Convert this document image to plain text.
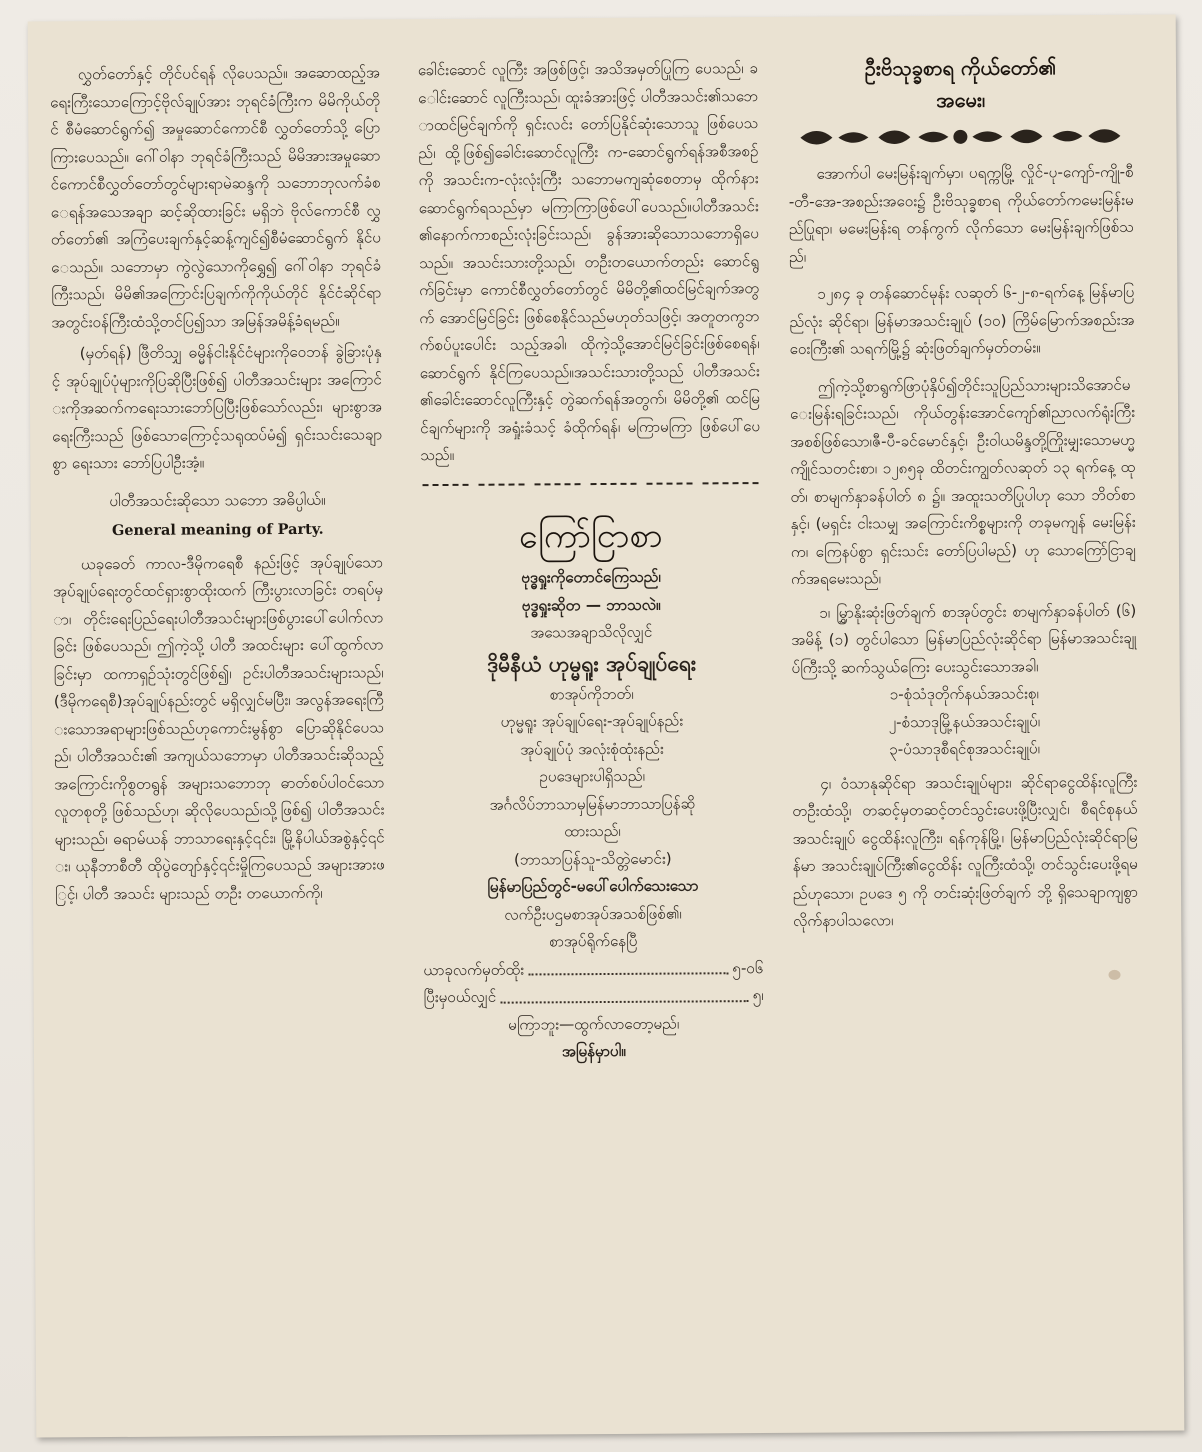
လွှတ်တော်နှင့် တိုင်ပင်ရန် လိုပေသည်။ အဆောထည့်အရေးကြီးသောကြောင့်ဗိုလ်ချုပ်အား ဘုရင်ခံကြီးက မိမိကိုယ်တိုင် စီမံဆောင်ရွက်၍ အမှုဆောင်ကောင်စီ လွှတ်တော်သို့ ပြောကြားပေသည်။ ဂေါ်ဝါနာ ဘုရင်ခံကြီးသည် မိမိအားအမှုဆောင်ကောင်စီလွှတ်တော်တွင်များရာမဲဆန္ဒကို သဘောဘုလက်ခံစေရန်အသေအချာ ဆင့်ဆိုထားခြင်း မရှိဘဲ ဗိုလ်ကောင်စီ လွှတ်တော်၏ အကြံပေးချက်နှင့်ဆန့်ကျင်၍စီမံဆောင်ရွက် နိုင်ပေသည်။ သဘောမှာ ကွဲလွဲသောကိုရွှေ၍ ဂေါ်ဝါနာ ဘုရင်ခံကြီးသည်၊ မိမိ၏အကြောင်းပြချက်ကိုကိုယ်တိုင် နိုင်ငံဆိုင်ရာ အတွင်းဝန်ကြီးထံသို့တင်ပြ၍သာ အမြန်အမိန့်ခံရမည်။

(မှတ်ရန်) ဖြီတိသျှ ဓမ္မိန်ငါးနိုင်ငံများကိုဝေဘန် ခွဲခြားပုံနှင့် အုပ်ချုပ်ပုံများကိုပြဆိုပြီးဖြစ်၍ ပါတီအသင်းများ အကြောင်းကိုအဆက်ကရေးသားဘော်ပြပြီးဖြစ်သော်လည်း၊ များစွာအရေးကြီးသည် ဖြစ်သောကြောင့်သရုထပ်မံ၍ ရှင်းသင်းသေချာစွာ ရေးသား ဘော်ပြပါဦးအံ့။

ပါတီအသင်းဆိုသော သဘော အဓိပ္ပါယ်။

General meaning of Party.

ယခုခေတ် ကာလ-ဒီမိုကရေစီ နည်းဖြင့် အုပ်ချုပ်သော အုပ်ချုပ်ရေးတွင်ထင်ရှားစွာထိုးထက် ကြီးပွားလာခြင်း တရပ်မှာ၊ တိုင်းရေးပြည်ရေးပါတီအသင်းများဖြစ်ပွားပေါ်ပေါက်လာခြင်း ဖြစ်ပေသည်၊ ဤကဲ့သို့ ပါတီ အထင်းများ ပေါ်ထွက်လာ ခြင်းမှာ ထကာရှဥ်သုံးတွင်ဖြစ်၍၊ ဥင်းပါတီအသင်းများသည်၊ (ဒီမိုကရေစီ)အုပ်ချုပ်နည်းတွင် မရှိလျှင်မပြီး၊ အလွန်အရေးကြီးသောအရာများဖြစ်သည်ဟုကောင်းမွန်စွာ ပြောဆိုနိုင်ပေသည်၊ ပါတီအသင်း၏ အကျယ်သဘောမှာ ပါတီအသင်းဆိုသည့်အကြောင်းကိုစွတရွန် အများသဘောဘု ဓာတ်စပ်ပါဝင်သောလူတစုတို့ ဖြစ်သည်ဟု၊ ဆိုလိုပေသည်၊သို့ဖြစ်၍ ပါတီအသင်း များသည်၊ ဓရာမ်ယန် ဘာသာရေးနှင့်၎င်း၊ မြို့နိပါယ်အစွဲနှင့်၎င်း၊ ယုနီဘာစီတီ ထိုပွဲတျော်နှင့်၎င်းမှိုကြပေသည် အများအားဖြင့်၊ ပါတီ အသင်း များသည် တဦး တယောက်ကို၊

ခေါင်းဆောင် လူကြီး အဖြစ်ဖြင့်၊ အသိအမှတ်ပြုကြ ပေသည်၊ ခေါင်းဆောင် လူကြီးသည်၊ ထူးခံအားဖြင့် ပါတီအသင်း၏သဘောထင်မြင်ချက်ကို ရှင်းလင်း တော်ပြနိုင်ဆုံးသောသူ ဖြစ်ပေသည်၊ ထို့ဖြစ်၍ခေါင်းဆောင်လူကြီး က-ဆောင်ရွက်ရန်အစီအစဉ်ကို အသင်းက-လုံးလုံးကြီး သဘောမကျဆုံစေတာမှ ထိုက်နားဆောင်ရွက်ရသည်မှာ မကြာကြာဖြစ်ပေါ်ပေသည်။ပါတီအသင်း၏နောက်ကာစည်းလုံးခြင်းသည်၊ ခွန်အားဆိုသောသဘောရှိပေသည်။ အသင်းသားတို့သည်၊ တဦးတယောက်တည်း ဆောင်ရွက်ခြင်းမှာ ကောင်စီလွှတ်တော်တွင် မိမိတို့၏ထင်မြင်ချက်အတွက် အောင်မြင်ခြင်း ဖြစ်စေနိုင်သည်မဟုတ်သဖြင့်၊ အတူတကွဘက်စပ်ပူးပေါင်း သည့်အခါ၊ ထိုကဲ့သို့အောင်မြင်ခြင်းဖြစ်စေရန်၊ ဆောင်ရွက် နိုင်ကြပေသည်။အသင်းသားတို့သည် ပါတီအသင်း၏ခေါင်းဆောင်လူကြီးနှင့် တွဲဆက်ရန်အတွက်၊ မိမိတို့၏ ထင်မြင်ချက်များကို အရှုံးခံသင့် ခံထိုက်ရန်၊ မကြာမကြာ ဖြစ်ပေါ်ပေသည်။

ကြော်ငြာစာ

ဗုဒ္ဓရှုးကိုတောင်ကြေသည်၊

ဗုဒ္ဓရှုးဆိုတ — ဘာသလဲ။

အသေအချာသိလိုလျှင်

ဒိုမီနီယံ ဟုမ္မရူး အုပ်ချုပ်ရေး

စာအုပ်ကိုဘတ်၊

ဟုမ္မရူး အုပ်ချုပ်ရေး-အုပ်ချုပ်နည်း

အုပ်ချုပ်ပုံ အလုံးစုံထုံးနည်း

ဥပဒေများပါရှိသည်၊

အင်္ဂလိပ်ဘာသာမှမြန်မာဘာသာပြန်ဆို

ထားသည်၊

(ဘာသာပြန်သူ-သိတ္တဲမောင်း)

မြန်မာပြည်တွင်-မပေါ်ပေါက်သေးသော

လက်ဦးပဌမစာအုပ်အသစ်ဖြစ်၏၊

စာအုပ်ရိုက်နေပြီ

ယာခုလက်မှတ်ထိုး	၅-ဝ၆
ပြီးမှဝယ်လျှင်	၅၊

မကြာဘူး—ထွက်လာတော့မည်၊

အမြန်မှာပါ။

ဦးဗိသုခ္ခစာရ ကိုယ်တော်၏
အမေး၊

အောက်ပါ မေးမြန်းချက်မှာ၊ ပရက္ကမြို့ လှိုင်-ပု-ကျော်-ကျို-စီ-တီ-အေ-အစည်းအဝေး၌ ဦးဗိသုခ္ခစာရ ကိုယ်တော်ကမေးမြန်းမည်ပြုရာ၊ မမေးမြန်းရ တန်ကွက် လိုက်သော မေးမြန်းချက်ဖြစ်သည်၊

၁၂၈၄ ခု တန်ဆောင်မုန်း လဆုတ် ၆-၂-၈-ရက်နေ့ မြန်မာပြည်လုံး ဆိုင်ရာ၊ မြန်မာအသင်းချုပ် (၁၀) ကြိမ်မြောက်အစည်းအဝေးကြီး၏ သရက်မြို့၌ ဆုံးဖြတ်ချက်မှတ်တမ်း။

ဤကဲ့သို့စာရွက်ဖြာပုံနှိပ်၍တိုင်းသူပြည်သားများသိအောင်မေးမြန်းရခြင်းသည်၊ ကိုယ်တွန်းအောင်ကျော်၏ညာလက်ရုံးကြီး အစစ်ဖြစ်သော၊ဇီ-ပီ-ခင်မောင်နှင့်၊ ဦးဝါယမိန္ဒတို့ကြိုးမျှးသောမဟ္မကျိုင်သတင်းစာ၊ ၁၂၈၅ခု ထိတင်းကျွတ်လဆုတ် ၁၃ ရက်နေ့ ထုတ်၊ စာမျက်နှာခန်ပါတ် ၈ ၌။ အထူးသတိပြုပါဟု သော ဘိတ်စာနှင့်၊ (မရှင်း ငါးသမျှ အကြောင်းကိစ္စများကို တခုမကျန် မေးမြန်းက၊ ကြေနပ်စွာ ရှင်းသင်း တော်ပြပါမည်) ဟု သောကြော်ငြာချက်အရမေးသည်၊

၁၊ မြွှာနိုးဆုံးဖြတ်ချက် စာအုပ်တွင်း စာမျက်နှာခန်ပါတ် (၆)အမိန့် (၁) တွင်ပါသော မြန်မာပြည်လုံးဆိုင်ရာ မြန်မာအသင်းချုပ်ကြီးသို့ ဆက်သွယ်ကြေး ပေးသွင်းသောအခါ၊

၁-စုံသံဒုတိုက်နယ်အသင်းစု၊

၂-စံသာဒုမြို့နယ်အသင်းချုပ်၊

၃-ပံသာဒုစီရင်စုအသင်းချုပ်၊

၄၊ ဝံသာနုဆိုင်ရာ အသင်းချုပ်များ၊ ဆိုင်ရာငွေထိန်းလူကြီးတဦးထံသို့၊ တဆင့်မှတဆင့်တင်သွင်းပေးဖို့ပြီးလျှင်၊ စီရင်စုနယ်အသင်းချုပ် ငွေထိန်းလူကြီး၊ ရန်ကုန်မြို့၊ မြန်မာပြည်လုံးဆိုင်ရာမြန်မာ အသင်းချုပ်ကြီး၏ငွေထိန်း လူကြီးထံသို့၊ တင်သွင်းပေးဖို့ရမည်ဟုသော၊ ဥပဒေ ၅ ကို တင်းဆုံးဖြတ်ချက် ဘို့ ရှိသေချာကျစွာ လိုက်နာပါသလော၊
